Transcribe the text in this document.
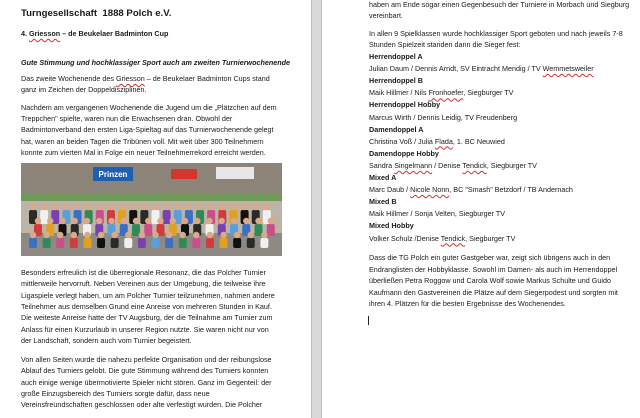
Turngesellschaft 1888 Polch e.V.
4. Griesson – de Beukelaer Badminton Cup
Gute Stimmung und hochklassiger Sport auch am zweiten Turnierwochenende
Das zweite Wochenende des Griesson – de Beukelaer Badminton Cups stand
ganz im Zeichen der Doppeldisziplinen.
Nachdem am vergangenen Wochenende die Jugend um die „Plätzchen auf dem
Treppchen" spielte, waren nun die Erwachsenen dran. Obwohl der
Badmintonverband den ersten Liga-Spieltag auf das Turnierwochenende gelegt
hat, waren an beiden Tagen die Tribünen voll. Mit weit über 300 Teilnehmern
konnte zum vierten Mal in Folge ein neuer Teilnehmerrekord erreicht werden.
Prinzen
Besonders erfreulich ist die überregionale Resonanz, die das Polcher Turnier
mittlerweile hervorruft. Neben Vereinen aus der Umgebung, die teilweise ihre
Ligaspiele verlegt haben, um am Polcher Turnier teilzunehmen, nahmen andere
Teilnehmer aus demselben Grund eine Anreise von mehreren Stunden in Kauf.
Die weiteste Anreise hatte der TV Augsburg, der die Teilnahme am Turnier zum
Anlass für einen Kurzurlaub in unserer Region nutzte. Sie waren nicht nur von
der Landschaft, sondern auch vom Turnier begeistert.
Von allen Seiten wurde die nahezu perfekte Organisation und der reibungslose
Ablauf des Turniers gelobt. Die gute Stimmung während des Turniers konnten
auch einige wenige übermotivierte Spieler nicht stören. Ganz im Gegenteil: der
große Einzugsbereich des Turniers sorgte dafür, dass neue
Vereinsfreundschaften geschlossen oder alte verfestigt wurden. Die Polcher
haben am Ende sogar einen Gegenbesuch der Turniere in Morbach und Siegburg
vereinbart.
In allen 9 Spielklassen wurde hochklassiger Sport geboten und nach jeweils 7-8
Stunden Spielzeit standen dann die Sieger fest:
Herrendoppel A
Julian Daum / Dennis Arndt, SV Eintracht Mendig / TV Wemmetsweiler
Herrendoppel B
Maik Hillmer / Nils Fronhoefer, Siegburger TV
Herrendoppel Hobby
Marcus Wirth / Dennis Leidig, TV Freudenberg
Damendoppel A
Christina Voß / Julia Flada, 1. BC Neuwied
Damendoppe Hobby
Sandra Singelmann / Denise Tendick, Siegburger TV
Mixed A
Marc Daub / Nicole Nonn, BC "Smash" Betzdorf / TB Andernach
Mixed B
Maik Hillmer / Sonja Velten, Siegburger TV
Mixed Hobby
Volker Schulz /Denise Tendick, Siegburger TV
Dass die TG Polch ein guter Gastgeber war, zeigt sich übrigens auch in den
Endranglisten der Hobbyklasse. Sowohl im Damen- als auch im Herrendoppel
überließen Petra Roggow und Carola Wolf sowie Markus Schulte und Guido
Kaufmann den Gastvereinen die Plätze auf dem Siegerpodest und sorgten mit
ihren 4. Plätzen für die besten Ergebnisse des Wochenendes.
